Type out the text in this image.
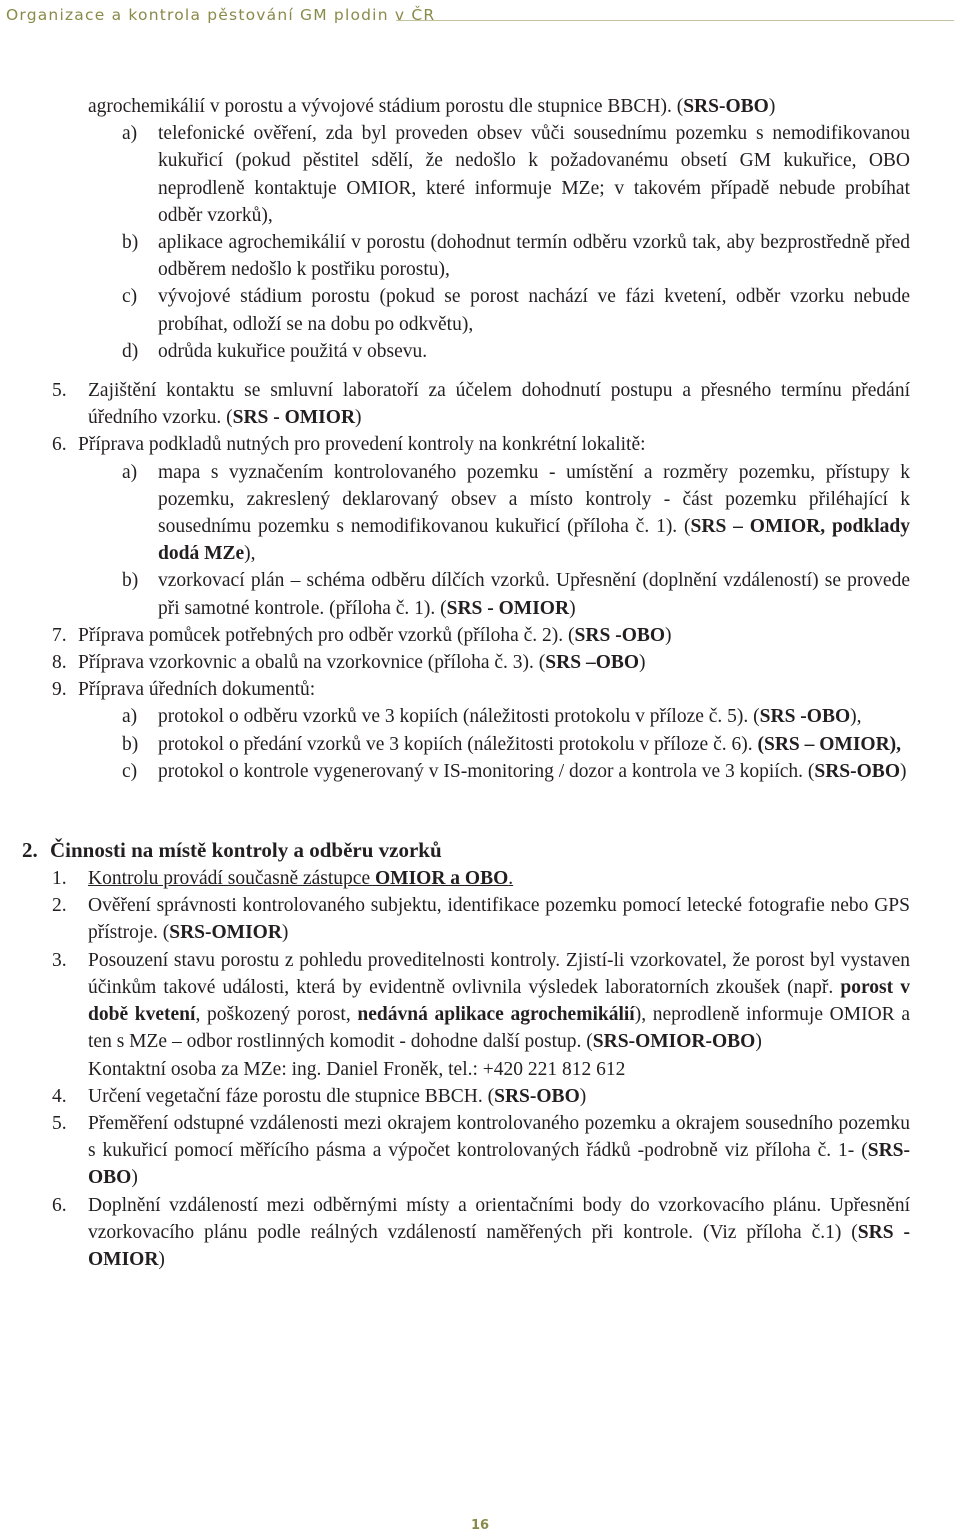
Organizace a kontrola pěstování GM plodin v ČR

agrochemikálií v porostu a vývojové stádium porostu dle stupnice BBCH). (SRS-OBO)

a) telefonické ověření, zda byl proveden obsev vůči sousednímu pozemku s nemodifikovanou kukuřicí (pokud pěstitel sdělí, že nedošlo k požadovanému obsetí GM kukuřice, OBO neprodleně kontaktuje OMIOR, které informuje MZe; v takovém případě nebude probíhat odběr vzorků),

b) aplikace agrochemikálií v porostu (dohodnut termín odběru vzorků tak, aby bezprostředně před odběrem nedošlo k postřiku porostu),

c) vývojové stádium porostu (pokud se porost nachází ve fázi kvetení, odběr vzorku nebude probíhat, odloží se na dobu po odkvětu),

d) odrůda kukuřice použitá v obsevu.

5. Zajištění kontaktu se smluvní laboratoří za účelem dohodnutí postupu a přesného termínu předání úředního vzorku. (SRS - OMIOR)

6. Příprava podkladů nutných pro provedení kontroly na konkrétní lokalitě:

a) mapa s vyznačením kontrolovaného pozemku - umístění a rozměry pozemku, přístupy k pozemku, zakreslený deklarovaný obsev a místo kontroly - část pozemku přiléhající k sousednímu pozemku s nemodifikovanou kukuřicí (příloha č. 1). (SRS – OMIOR, podklady dodá MZe),

b) vzorkovací plán – schéma odběru dílčích vzorků. Upřesnění (doplnění vzdáleností) se provede při samotné kontrole. (příloha č. 1). (SRS - OMIOR)

7. Příprava pomůcek potřebných pro odběr vzorků (příloha č. 2). (SRS -OBO)

8. Příprava vzorkovnic a obalů na vzorkovnice (příloha č. 3). (SRS –OBO)

9. Příprava úředních dokumentů:

a) protokol o odběru vzorků ve 3 kopiích (náležitosti protokolu v příloze č. 5). (SRS -OBO),

b) protokol o předání vzorků ve 3 kopiích (náležitosti protokolu v příloze č. 6). (SRS – OMIOR),

c) protokol o kontrole vygenerovaný v IS-monitoring / dozor a kontrola ve 3 kopiích. (SRS-OBO)

2. Činnosti na místě kontroly a odběru vzorků

1. Kontrolu provádí současně zástupce OMIOR a OBO.

2. Ověření správnosti kontrolovaného subjektu, identifikace pozemku pomocí letecké fotografie nebo GPS přístroje. (SRS-OMIOR)

3. Posouzení stavu porostu z pohledu proveditelnosti kontroly. Zjistí-li vzorkovatel, že porost byl vystaven účinkům takové události, která by evidentně ovlivnila výsledek laboratorních zkoušek (např. porost v době kvetení, poškozený porost, nedávná aplikace agrochemikálií), neprodleně informuje OMIOR a ten s MZe – odbor rostlinných komodit - dohodne další postup. (SRS-OMIOR-OBO)

Kontaktní osoba za MZe: ing. Daniel Froněk, tel.: +420 221 812 612

4. Určení vegetační fáze porostu dle stupnice BBCH. (SRS-OBO)

5. Přeměření odstupné vzdálenosti mezi okrajem kontrolovaného pozemku a okrajem sousedního pozemku s kukuřicí pomocí měřícího pásma a výpočet kontrolovaných řádků -podrobně viz příloha č. 1- (SRS-OBO)

6. Doplnění vzdáleností mezi odběrnými místy a orientačními body do vzorkovacího plánu. Upřesnění vzorkovacího plánu podle reálných vzdáleností naměřených při kontrole. (Viz příloha č.1) (SRS - OMIOR)

16
